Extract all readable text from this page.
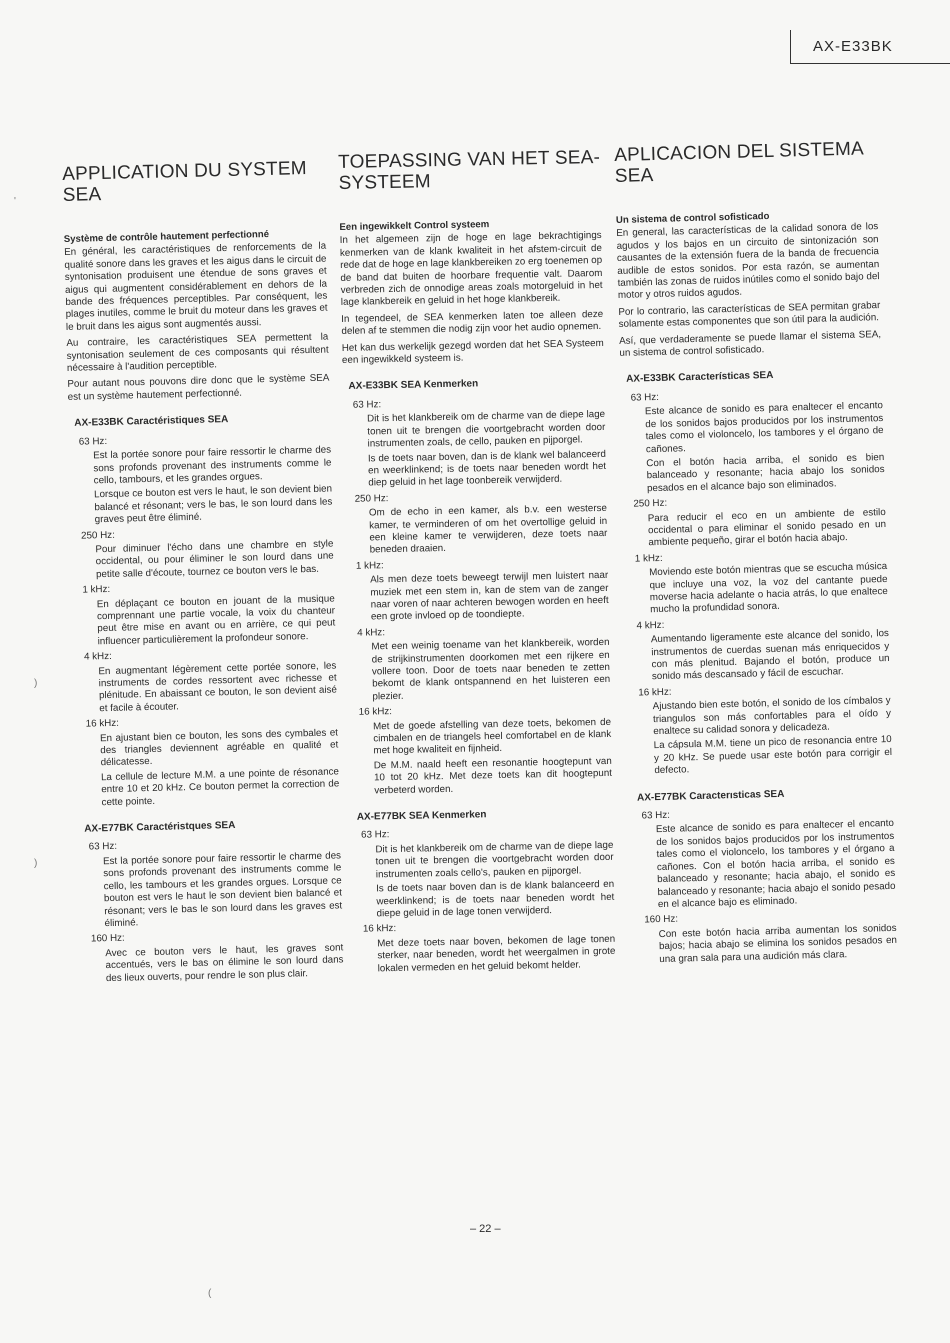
AX-E33BK
APPLICATION DU SYSTEM SEA
Système de contrôle hautement perfectionné

En général, les caractéristiques de renforcements de la qualité sonore dans les graves et les aigus dans le circuit de syntonisation produisent une étendue de sons graves et aigus qui augmentent considérablement en dehors de la bande des fréquences perceptibles. Par conséquent, les plages inutiles, comme le bruit du moteur dans les graves et le bruit dans les aigus sont augmentés aussi.

Au contraire, les caractéristiques SEA permettent la syntonisation seulement de ces composants qui résultent nécessaire à l'audition perceptible.

Pour autant nous pouvons dire donc que le système SEA est un système hautement perfectionné.

AX-E33BK Caractéristiques SEA
63 Hz:

Est la portée sonore pour faire ressortir le charme des sons profonds provenant des instruments comme le cello, tambours, et les grandes orgues.

Lorsque ce bouton est vers le haut, le son devient bien balancé et résonant; vers le bas, le son lourd dans les graves peut être éliminé.

250 Hz:

Pour diminuer l'écho dans une chambre en style occidental, ou pour éliminer le son lourd dans une petite salle d'écoute, tournez ce bouton vers le bas.

1 kHz:

En déplaçant ce bouton en jouant de la musique comprennant une partie vocale, la voix du chanteur peut être mise en avant ou en arrière, ce qui peut influencer particulièrement la profondeur sonore.

4 kHz:

En augmentant légèrement cette portée sonore, les instruments de cordes ressortent avec richesse et plénitude. En abaissant ce bouton, le son devient aisé et facile à écouter.

16 kHz:

En ajustant bien ce bouton, les sons des cymbales et des triangles deviennent agréable en qualité et délicatesse.

La cellule de lecture M.M. a une pointe de résonance entre 10 et 20 kHz. Ce bouton permet la correction de cette pointe.

AX-E77BK Caractéristques SEA
63 Hz:

Est la portée sonore pour faire ressortir le charme des sons profonds provenant des instruments comme le cello, les tambours et les grandes orgues. Lorsque ce bouton est vers le haut le son devient bien balancé et résonant; vers le bas le son lourd dans les graves est éliminé.

160 Hz:

Avec ce bouton vers le haut, les graves sont accentués, vers le bas on élimine le son lourd dans des lieux ouverts, pour rendre le son plus clair.

TOEPASSING VAN HET SEA-SYSTEEM
Een ingewikkelt Control systeem

In het algemeen zijn de hoge en lage bekrachtigings kenmerken van de klank kwaliteit in het afstem-circuit de rede dat de hoge en lage klankbereiken zo erg toenemen op de band dat buiten de hoorbare frequentie valt. Daarom verbreden zich de onnodige areas zoals motorgeluid in het lage klankbereik en geluid in het hoge klankbereik.

In tegendeel, de SEA kenmerken laten toe alleen deze delen af te stemmen die nodig zijn voor het audio opnemen.

Het kan dus werkelijk gezegd worden dat het SEA Systeem een ingewikkeld systeem is.

AX-E33BK SEA Kenmerken
63 Hz:

Dit is het klankbereik om de charme van de diepe lage tonen uit te brengen die voortgebracht worden door instrumenten zoals, de cello, pauken en pijporgel.

Is de toets naar boven, dan is de klank wel balanceerd en weerklinkend; is de toets naar beneden wordt het diep geluid in het lage toonbereik verwijderd.

250 Hz:

Om de echo in een kamer, als b.v. een westerse kamer, te verminderen of om het overtollige geluid in een kleine kamer te verwijderen, deze toets naar beneden draaien.

1 kHz:

Als men deze toets beweegt terwijl men luistert naar muziek met een stem in, kan de stem van de zanger naar voren of naar achteren bewogen worden en heeft een grote invloed op de toondiepte.

4 kHz:

Met een weinig toename van het klankbereik, worden de strijkinstrumenten doorkomen met een rijkere en vollere toon. Door de toets naar beneden te zetten bekomt de klank ontspannend en het luisteren een plezier.

16 kHz:

Met de goede afstelling van deze toets, bekomen de cimbalen en de triangels heel comfortabel en de klank met hoge kwaliteit en fijnheid.

De M.M. naald heeft een resonantie hoogtepunt van 10 tot 20 kHz. Met deze toets kan dit hoogtepunt verbeterd worden.

AX-E77BK SEA Kenmerken
63 Hz:

Dit is het klankbereik om de charme van de diepe lage tonen uit te brengen die voortgebracht worden door instrumenten zoals cello's, pauken en pijporgel.

Is de toets naar boven dan is de klank balanceerd en weerklinkend; is de toets naar beneden wordt het diepe geluid in de lage tonen verwijderd.

16 kHz:

Met deze toets naar boven, bekomen de lage tonen sterker, naar beneden, wordt het weergalmen in grote lokalen vermeden en het geluid bekomt helder.

APLICACION DEL SISTEMA SEA
Un sistema de control sofisticado

En general, las características de la calidad sonora de los agudos y los bajos en un circuito de sintonización son causantes de la extensión fuera de la banda de frecuencia audible de estos sonidos. Por esta razón, se aumentan también las zonas de ruidos inútiles como el sonido bajo del motor y otros ruidos agudos.

Por lo contrario, las características de SEA permitan grabar solamente estas componentes que son útil para la audición.

Así, que verdaderamente se puede llamar el sistema SEA, un sistema de control sofisticado.

AX-E33BK Características SEA
63 Hz:

Este alcance de sonido es para enaltecer el encanto de los sonidos bajos producidos por los instrumentos tales como el violoncelo, los tambores y el órgano de cañones.

Con el botón hacia arriba, el sonido es bien balanceado y resonante; hacia abajo los sonidos pesados en el alcance bajo son eliminados.

250 Hz:

Para reducir el eco en un ambiente de estilo occidental o para eliminar el sonido pesado en un ambiente pequeño, girar el botón hacia abajo.

1 kHz:

Moviendo este botón mientras que se escucha música que incluye una voz, la voz del cantante puede moverse hacia adelante o hacia atrás, lo que enaltece mucho la profundidad sonora.

4 kHz:

Aumentando ligeramente este alcance del sonido, los instrumentos de cuerdas suenan más enriquecidos y con más plenitud. Bajando el botón, produce un sonido más descansado y fácil de escuchar.

16 kHz:

Ajustando bien este botón, el sonido de los címbalos y triangulos son más confortables para el oído y enaltece su calidad sonora y delicadeza.

La cápsula M.M. tiene un pico de resonancia entre 10 y 20 kHz. Se puede usar este botón para corrigir el defecto.

AX-E77BK Caracterısticas SEA
63 Hz:

Este alcance de sonido es para enaltecer el encanto de los sonidos bajos producidos por los instrumentos tales como el violoncelo, los tambores y el órgano a cañones. Con el botón hacia arriba, el sonido es balanceado y resonante; hacia abajo, el sonido es balanceado y resonante; hacia abajo el sonido pesado en el alcance bajo es eliminado.

160 Hz:

Con este botón hacia arriba aumentan los sonidos bajos; hacia abajo se elimina los sonidos pesados en una gran sala para una audición más clara.

– 22 –
'
)
)
(
